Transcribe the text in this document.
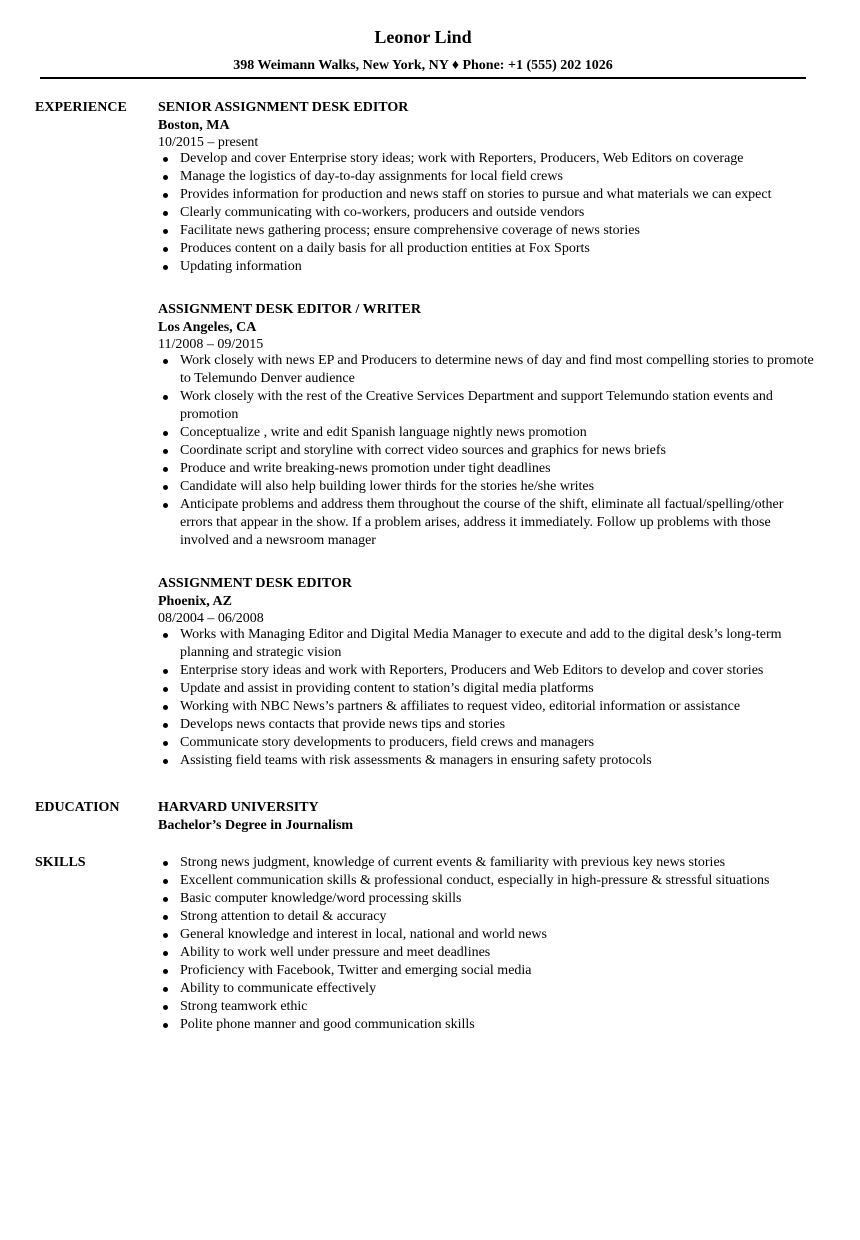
Leonor Lind
398 Weimann Walks, New York, NY ♦ Phone: +1 (555) 202 1026
EXPERIENCE SENIOR ASSIGNMENT DESK EDITOR
Boston, MA
10/2015 – present
Develop and cover Enterprise story ideas; work with Reporters, Producers, Web Editors on coverage
Manage the logistics of day-to-day assignments for local field crews
Provides information for production and news staff on stories to pursue and what materials we can expect
Clearly communicating with co-workers, producers and outside vendors
Facilitate news gathering process; ensure comprehensive coverage of news stories
Produces content on a daily basis for all production entities at Fox Sports
Updating information
ASSIGNMENT DESK EDITOR / WRITER
Los Angeles, CA
11/2008 – 09/2015
Work closely with news EP and Producers to determine news of day and find most compelling stories to promote to Telemundo Denver audience
Work closely with the rest of the Creative Services Department and support Telemundo station events and promotion
Conceptualize , write and edit Spanish language nightly news promotion
Coordinate script and storyline with correct video sources and graphics for news briefs
Produce and write breaking-news promotion under tight deadlines
Candidate will also help building lower thirds for the stories he/she writes
Anticipate problems and address them throughout the course of the shift, eliminate all factual/spelling/other errors that appear in the show. If a problem arises, address it immediately. Follow up problems with those involved and a newsroom manager
ASSIGNMENT DESK EDITOR
Phoenix, AZ
08/2004 – 06/2008
Works with Managing Editor and Digital Media Manager to execute and add to the digital desk’s long-term planning and strategic vision
Enterprise story ideas and work with Reporters, Producers and Web Editors to develop and cover stories
Update and assist in providing content to station’s digital media platforms
Working with NBC News’s partners & affiliates to request video, editorial information or assistance
Develops news contacts that provide news tips and stories
Communicate story developments to producers, field crews and managers
Assisting field teams with risk assessments & managers in ensuring safety protocols
EDUCATION	HARVARD UNIVERSITY
Bachelor’s Degree in Journalism
SKILLS	Strong news judgment, knowledge of current events & familiarity with previous key news stories
Excellent communication skills & professional conduct, especially in high-pressure & stressful situations
Basic computer knowledge/word processing skills
Strong attention to detail & accuracy
General knowledge and interest in local, national and world news
Ability to work well under pressure and meet deadlines
Proficiency with Facebook, Twitter and emerging social media
Ability to communicate effectively
Strong teamwork ethic
Polite phone manner and good communication skills
